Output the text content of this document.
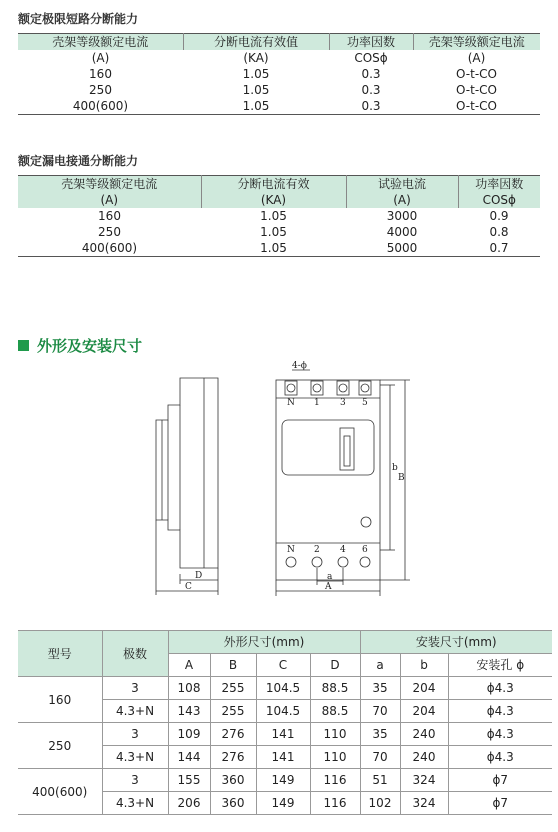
额定极限短路分断能力
壳架等级额定电流	分断电流有效值	功率因数	壳架等级额定电流
(A)	(KA)	COSϕ	(A)
160	1.05	0.3	O-t-CO
250	1.05	0.3	O-t-CO
400(600)	1.05	0.3	O-t-CO
额定漏电接通分断能力
壳架等级额定电流	分断电流有效	试验电流	功率因数
(A)	(KA)	(A)	COSϕ
160	1.05	3000	0.9
250	1.05	4000	0.8
400(600)	1.05	5000	0.7
外形及安装尺寸
D
C
4-ϕ
N 1 3 5
N 2 4 6
b
B
a
A
型号	极数	外形尺寸(mm)				安装尺寸(mm)		
		A	B	C	D	a	b	安装孔 ϕ
160	3	108	255	104.5	88.5	35	204	ϕ4.3
	4.3+N	143	255	104.5	88.5	70	204	ϕ4.3
250	3	109	276	141	110	35	240	ϕ4.3
	4.3+N	144	276	141	110	70	240	ϕ4.3
400(600)	3	155	360	149	116	51	324	ϕ7
	4.3+N	206	360	149	116	102	324	ϕ7
